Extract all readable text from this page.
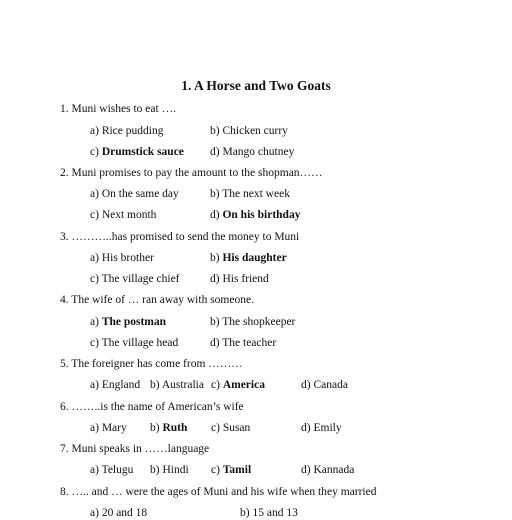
1. A Horse and Two Goats
1. Muni wishes to eat ….
a) Rice pudding	b) Chicken curry
c) Drumstick sauce d) Mango chutney
2. Muni promises to pay the amount to the shopman……
a) On the same day	b) The next week
c) Next month	d) On his birthday
3. ………..has promised to send the money to Muni
a) His brother	b) His daughter
c) The village chief	d) His friend
4. The wife of … ran away with someone.
a) The postman	b) The shopkeeper
c) The village head	d) The teacher
5. The foreigner has come from ………
a) England b) Australia c) America	d) Canada
6. ……..is the name of American’s wife
a) Mary b) Ruth c) Susan	d) Emily
7. Muni speaks in ……language
a) Telugu b) Hindi c) Tamil	d) Kannada
8. ….. and … were the ages of Muni and his wife when they married
a) 20 and 18	b) 15 and 13
